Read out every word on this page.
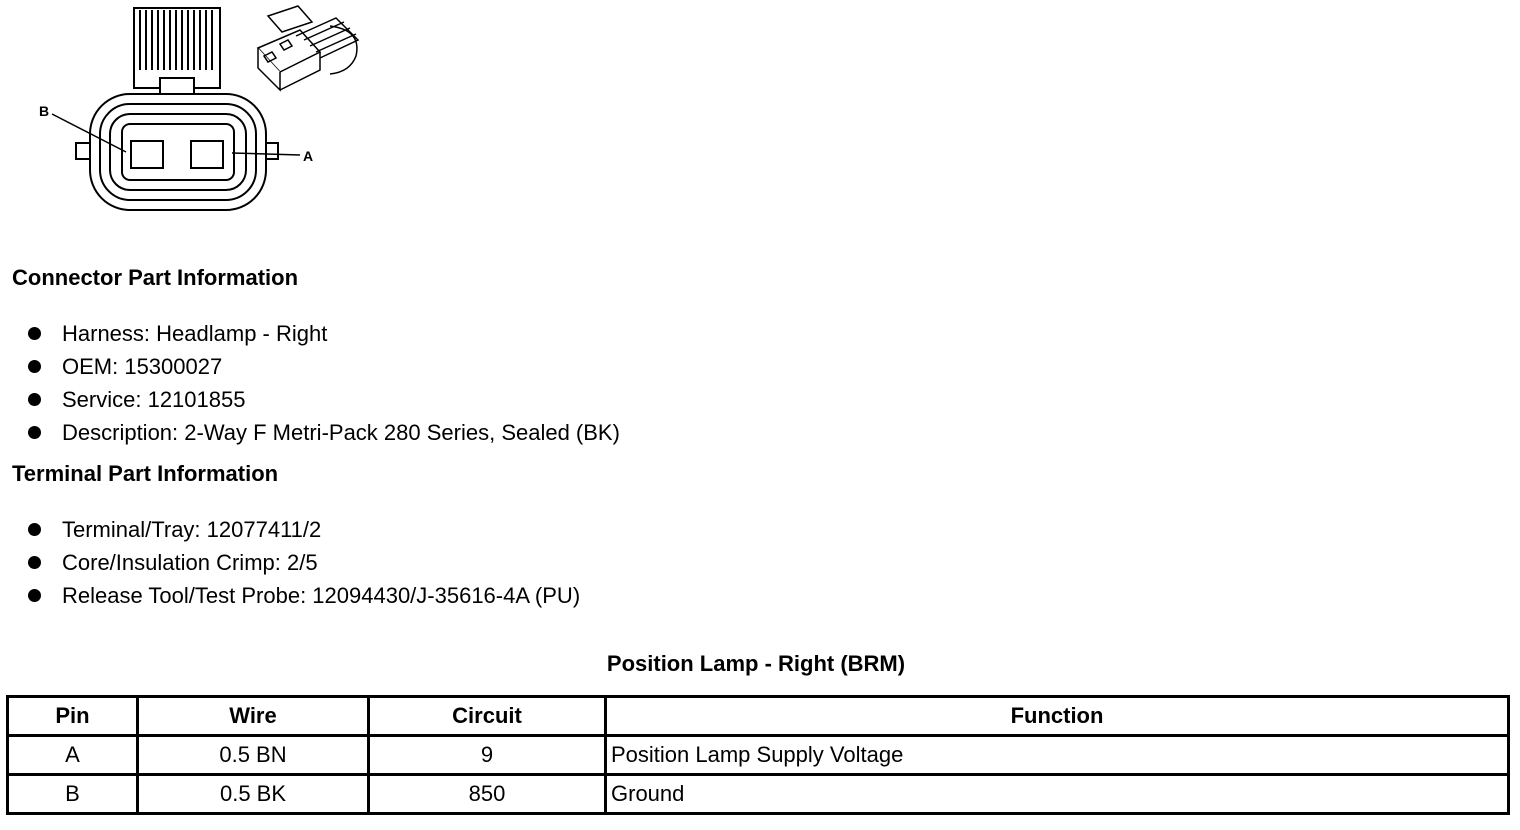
B
A
Connector Part Information
Harness: Headlamp - Right
OEM: 15300027
Service: 12101855
Description: 2-Way F Metri-Pack 280 Series, Sealed (BK)
Terminal Part Information
Terminal/Tray: 12077411/2
Core/Insulation Crimp: 2/5
Release Tool/Test Probe: 12094430/J-35616-4A (PU)
Position Lamp - Right (BRM)
Pin	Wire	Circuit	Function
A	0.5 BN	9	Position Lamp Supply Voltage
B	0.5 BK	850	Ground
